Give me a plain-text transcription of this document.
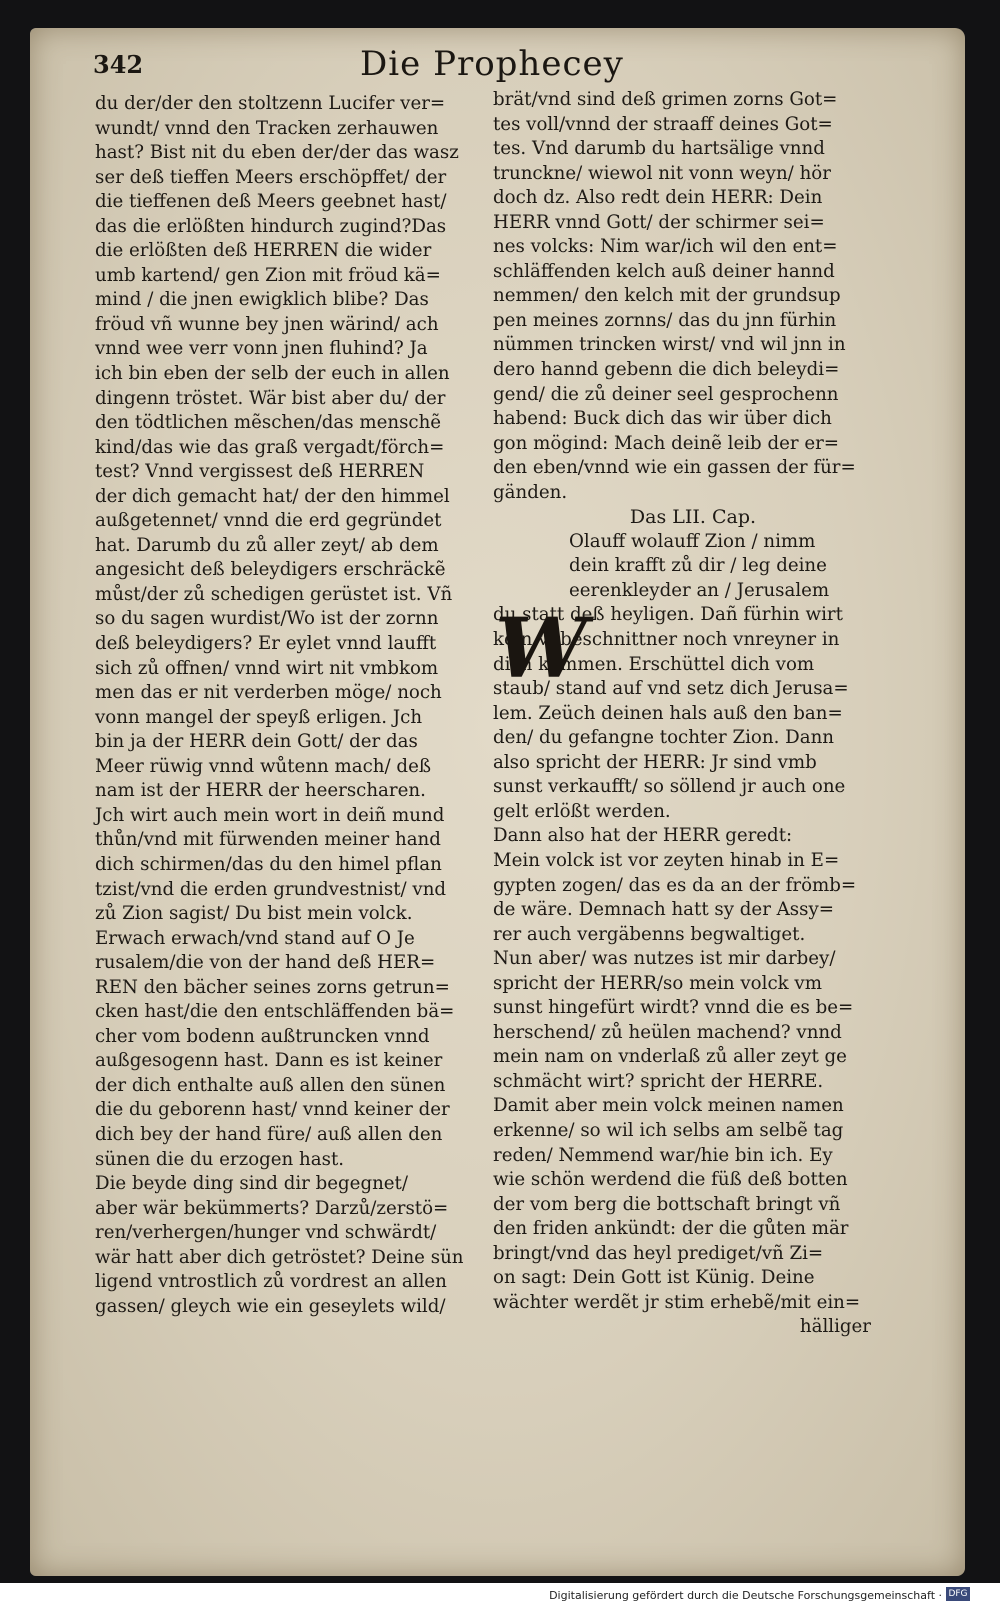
342	Die Prophecey
du der/der den stoltzenn Lucifer ver=
wundt/ vnnd den Tracken zerhauwen
hast? Bist nit du eben der/der das wasz
ser deß tieffen Meers erschöpffet/ der
die tieffenen deß Meers geebnet hast/
das die erlößten hindurch zugind?Das
die erlößten deß HERREN die wider
umb kartend/ gen Zion mit fröud kä=
mind / die jnen ewigklich blibe? Das
fröud vñ wunne bey jnen wärind/ ach
vnnd wee verr vonn jnen fluhind? Ja
ich bin eben der selb der euch in allen
dingenn tröstet. Wär bist aber du/ der
den tödtlichen mẽschen/das menschẽ
kind/das wie das graß vergadt/förch=
test? Vnnd vergissest deß HERREN
der dich gemacht hat/ der den himmel
außgetennet/ vnnd die erd gegründet
hat. Darumb du zů aller zeyt/ ab dem
angesicht deß beleydigers erschräckẽ
můst/der zů schedigen gerüstet ist. Vñ
so du sagen wurdist/Wo ist der zornn
deß beleydigers? Er eylet vnnd laufft
sich zů offnen/ vnnd wirt nit vmbkom
men das er nit verderben möge/ noch
vonn mangel der speyß erligen. Jch
bin ja der HERR dein Gott/ der das
Meer rüwig vnnd wůtenn mach/ deß
nam ist der HERR der heerscharen.
Jch wirt auch mein wort in deiñ mund
thůn/vnd mit fürwenden meiner hand
dich schirmen/das du den himel pflan
tzist/vnd die erden grundvestnist/ vnd
zů Zion sagist/ Du bist mein volck.
Erwach erwach/vnd stand auf O Je
rusalem/die von der hand deß HER=
REN den bächer seines zorns getrun=
cken hast/die den entschläffenden bä=
cher vom bodenn außtruncken vnnd
außgesogenn hast. Dann es ist keiner
der dich enthalte auß allen den sünen
die du geborenn hast/ vnnd keiner der
dich bey der hand füre/ auß allen den
sünen die du erzogen hast.
Die beyde ding sind dir begegnet/
aber wär bekümmerts? Darzů/zerstö=
ren/verhergen/hunger vnd schwärdt/
wär hatt aber dich getröstet? Deine sün
ligend vntrostlich zů vordrest an allen
gassen/ gleych wie ein geseylets wild/
brät/vnd sind deß grimen zorns Got=
tes voll/vnnd der straaff deines Got=
tes. Vnd darumb du hartsälige vnnd
trunckne/ wiewol nit vonn weyn/ hör
doch dz. Also redt dein HERR: Dein
HERR vnnd Gott/ der schirmer sei=
nes volcks: Nim war/ich wil den ent=
schläffenden kelch auß deiner hannd
nemmen/ den kelch mit der grundsup
pen meines zornns/ das du jnn fürhin
nümmen trincken wirst/ vnd wil jnn in
dero hannd gebenn die dich beleydi=
gend/ die zů deiner seel gesprochenn
habend: Buck dich das wir über dich
gon mögind: Mach deinẽ leib der er=
den eben/vnnd wie ein gassen der für=
gänden.
Das LII. Cap.
W
Olauff wolauff Zion / nimm
dein krafft zů dir / leg deine
eerenkleyder an / Jerusalem
du statt deß heyligen. Dañ fürhin wirt
kein vnbeschnittner noch vnreyner in
dich kommen. Erschüttel dich vom
staub/ stand auf vnd setz dich Jerusa=
lem. Zeüch deinen hals auß den ban=
den/ du gefangne tochter Zion. Dann
also spricht der HERR: Jr sind vmb
sunst verkaufft/ so söllend jr auch one
gelt erlößt werden.
Dann also hat der HERR geredt:
Mein volck ist vor zeyten hinab in E=
gypten zogen/ das es da an der frömb=
de wäre. Demnach hatt sy der Assy=
rer auch vergäbenns begwaltiget.
Nun aber/ was nutzes ist mir darbey/
spricht der HERR/so mein volck vm
sunst hingefürt wirdt? vnnd die es be=
herschend/ zů heülen machend? vnnd
mein nam on vnderlaß zů aller zeyt ge
schmächt wirt? spricht der HERRE.
Damit aber mein volck meinen namen
erkenne/ so wil ich selbs am selbẽ tag
reden/ Nemmend war/hie bin ich. Ey
wie schön werdend die füß deß botten
der vom berg die bottschaft bringt vñ
den friden ankündt: der die gůten mär
bringt/vnd das heyl prediget/vñ Zi=
on sagt: Dein Gott ist Künig. Deine
wächter werdẽt jr stim erhebẽ/mit ein=
hälliger
Digitalisierung gefördert durch die Deutsche Forschungsgemeinschaft · DFG
